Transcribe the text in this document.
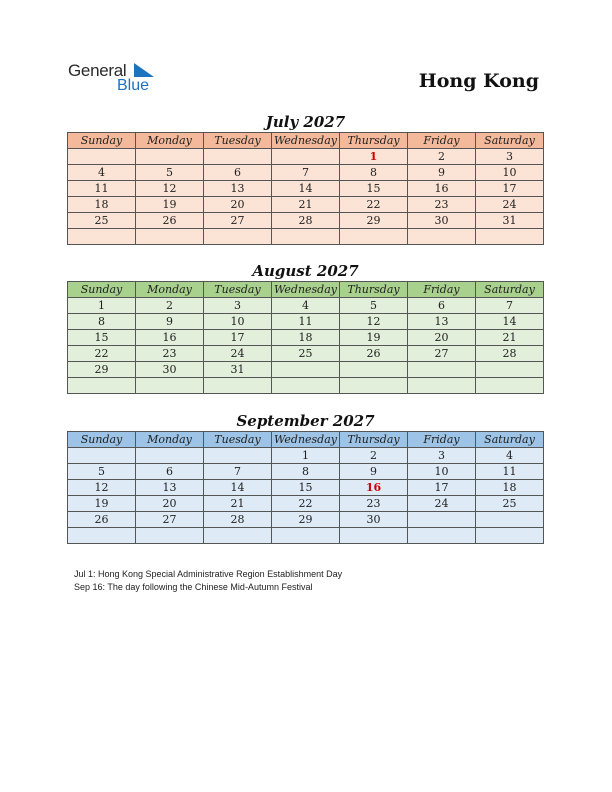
General
Blue	Hong Kong
July 2027
Sunday	Monday	Tuesday	Wednesday	Thursday	Friday	Saturday
				1	2	3
4	5	6	7	8	9	10
11	12	13	14	15	16	17
18	19	20	21	22	23	24
25	26	27	28	29	30	31

August 2027
Sunday	Monday	Tuesday	Wednesday	Thursday	Friday	Saturday
1	2	3	4	5	6	7
8	9	10	11	12	13	14
15	16	17	18	19	20	21
22	23	24	25	26	27	28
29	30	31				

September 2027
Sunday	Monday	Tuesday	Wednesday	Thursday	Friday	Saturday
			1	2	3	4
5	6	7	8	9	10	11
12	13	14	15	16	17	18
19	20	21	22	23	24	25
26	27	28	29	30		

Jul 1: Hong Kong Special Administrative Region Establishment Day
Sep 16: The day following the Chinese Mid-Autumn Festival
